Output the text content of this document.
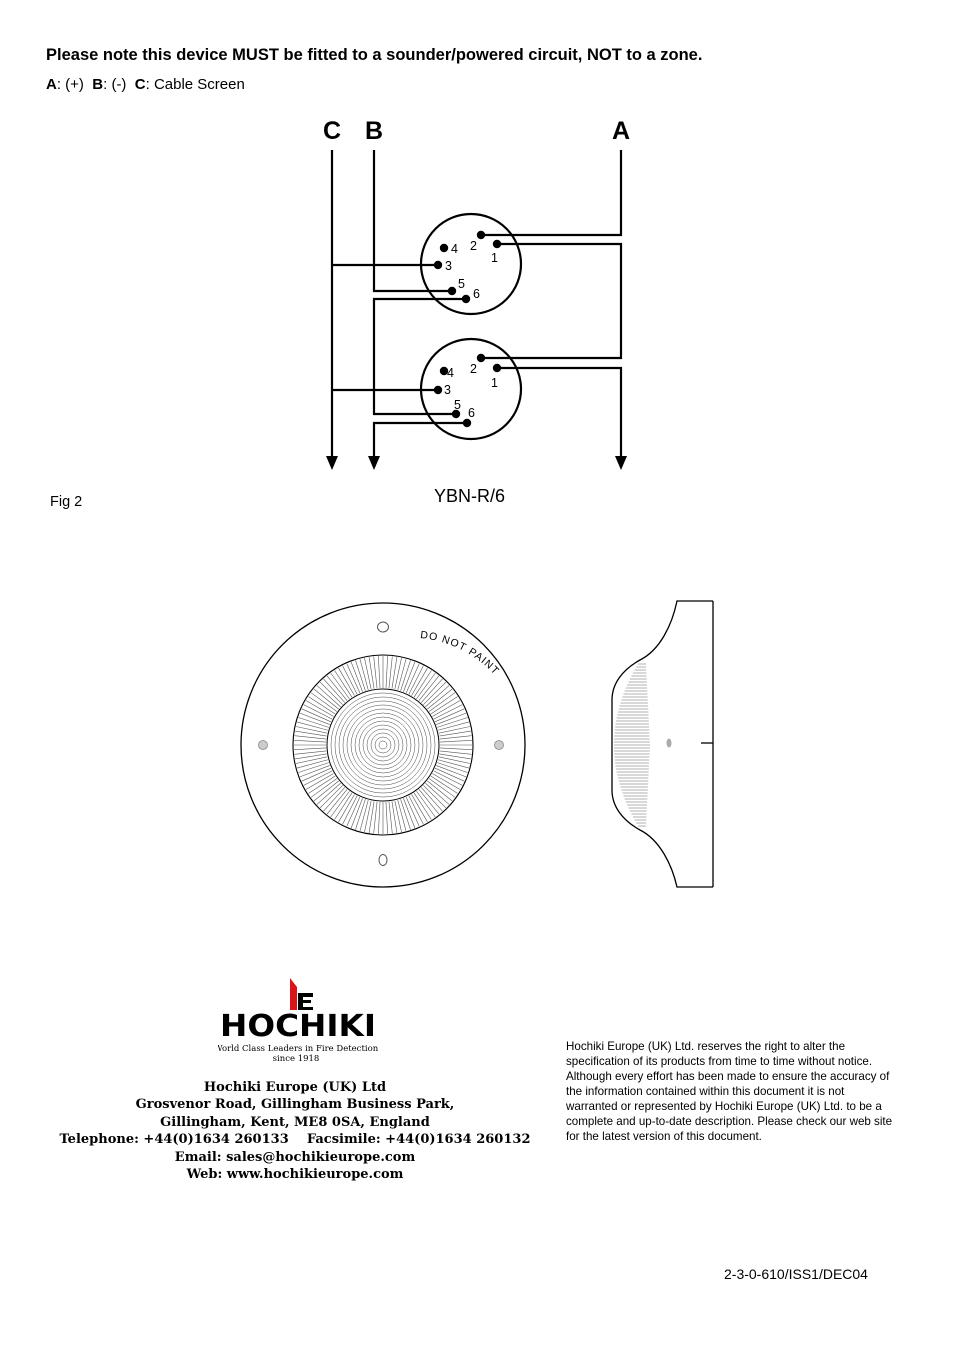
Please note this device MUST be fitted to a sounder/powered circuit, NOT to a zone.
A: (+)  B: (-)  C: Cable Screen
C B	A
4
3
2
1
5
6
4
3
2
1
5
6
YBN-R/6
Fig 2
DO NOT PAINT
HOCHIKI
World Class Leaders in Fire Detection
since 1918
Hochiki Europe (UK) Ltd
Grosvenor Road, Gillingham Business Park,
Gillingham, Kent, ME8 0SA, England
Telephone: +44(0)1634 260133    Facsimile: +44(0)1634 260132
Email: sales@hochikieurope.com
Web: www.hochikieurope.com
Hochiki Europe (UK) Ltd. reserves the right to alter the specification of its products from time to time without notice. Although every effort has been made to ensure the accuracy of the information contained within this document it is not warranted or represented by Hochiki Europe (UK) Ltd. to be a complete and up-to-date description. Please check our web site for the latest version of this document.
2-3-0-610/ISS1/DEC04
